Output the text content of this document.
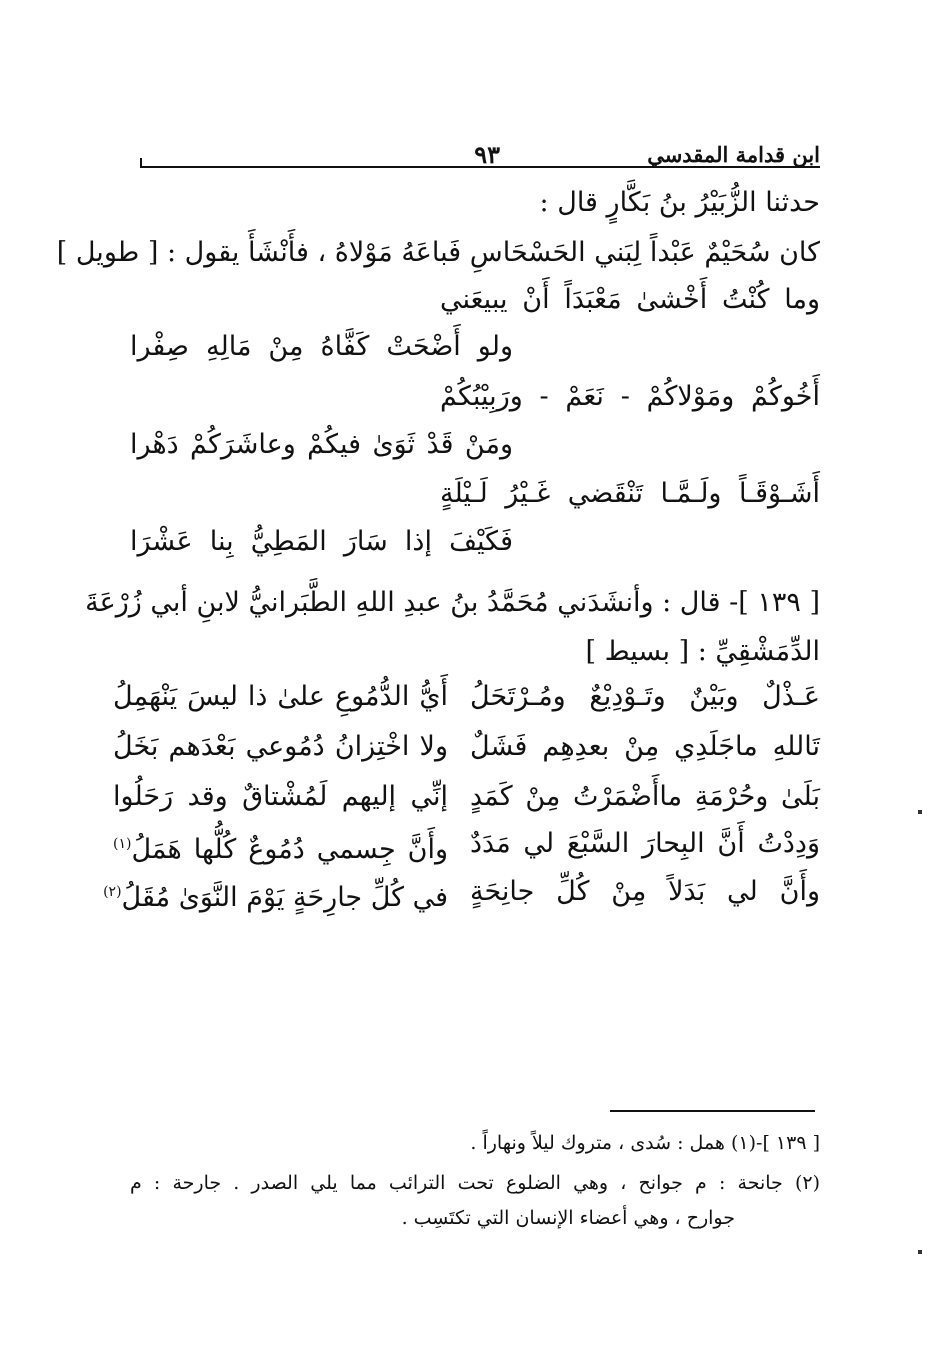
ابن قدامة المقدسي
٩٣
حدثنا الزُّبَيْرُ بنُ بَكَّارٍ قال :
كان سُحَيْمٌ عَبْداً لِبَني الحَسْحَاسِ فَباعَهُ مَوْلاهُ ، فأَنْشَأَ يقول : [ طويل ]
وما كُنْتُ أَخْشىٰ مَعْبَدَاً أَنْ يبيعَني
ولو أَضْحَتْ كَفَّاهُ مِنْ مَالِهِ صِفْرا
أَخُوكُمْ ومَوْلاكُمْ - نَعَمْ - ورَبِيْبُكُمْ
ومَنْ قَدْ ثَوَىٰ فيكُمْ وعاشَرَكُمْ دَهْرا
أَشَـوْقَـاً ولَـمَّـا تَنْقَضي غَـيْرُ لَـيْلَةٍ
فَكَيْفَ إذا سَارَ المَطِيُّ بِنا عَشْرَا
[ ١٣٩ ]- قال : وأنشَدَني مُحَمَّدُ بنُ عبدِ اللهِ الطَّبَرانيُّ لابنِ أبي زُرْعَةَ
الدِّمَشْقِيِّ : [ بسيط ]
عَـذْلٌ وبَيْنٌ وتَـوْدِيْعٌ ومُـرْتَحَلُ
أَيُّ الدُّمُوعِ علىٰ ذا ليسَ يَنْهَمِلُ
تَاللهِ ماجَلَدِي مِنْ بعدِهِم فَشَلٌ
ولا اخْتِزانُ دُمُوعي بَعْدَهم بَخَلُ
بَلَىٰ وحُرْمَةِ ماأَضْمَرْتُ مِنْ كَمَدٍ
إنِّي إليهم لَمُشْتاقٌ وقد رَحَلُوا
وَدِدْتُ أَنَّ البِحارَ السَّبْعَ لي مَدَدٌ
وأَنَّ جِسمي دُمُوعٌ كُلُّها هَمَلُ$^{(١)}$
وأَنَّ لي بَدَلاً مِنْ كُلِّ جانِحَةٍ
في كُلِّ جارِحَةٍ يَوْمَ النَّوَىٰ مُقَلُ$^{(٢)}$
[ ١٣٩ ]-(١) همل : سُدى ، متروك ليلاً ونهاراً .
(٢) جانحة : م جوانح ، وهي الضلوع تحت الترائب مما يلي الصدر . جارحة : م
جوارح ، وهي أعضاء الإنسان التي تكتَسِب .
